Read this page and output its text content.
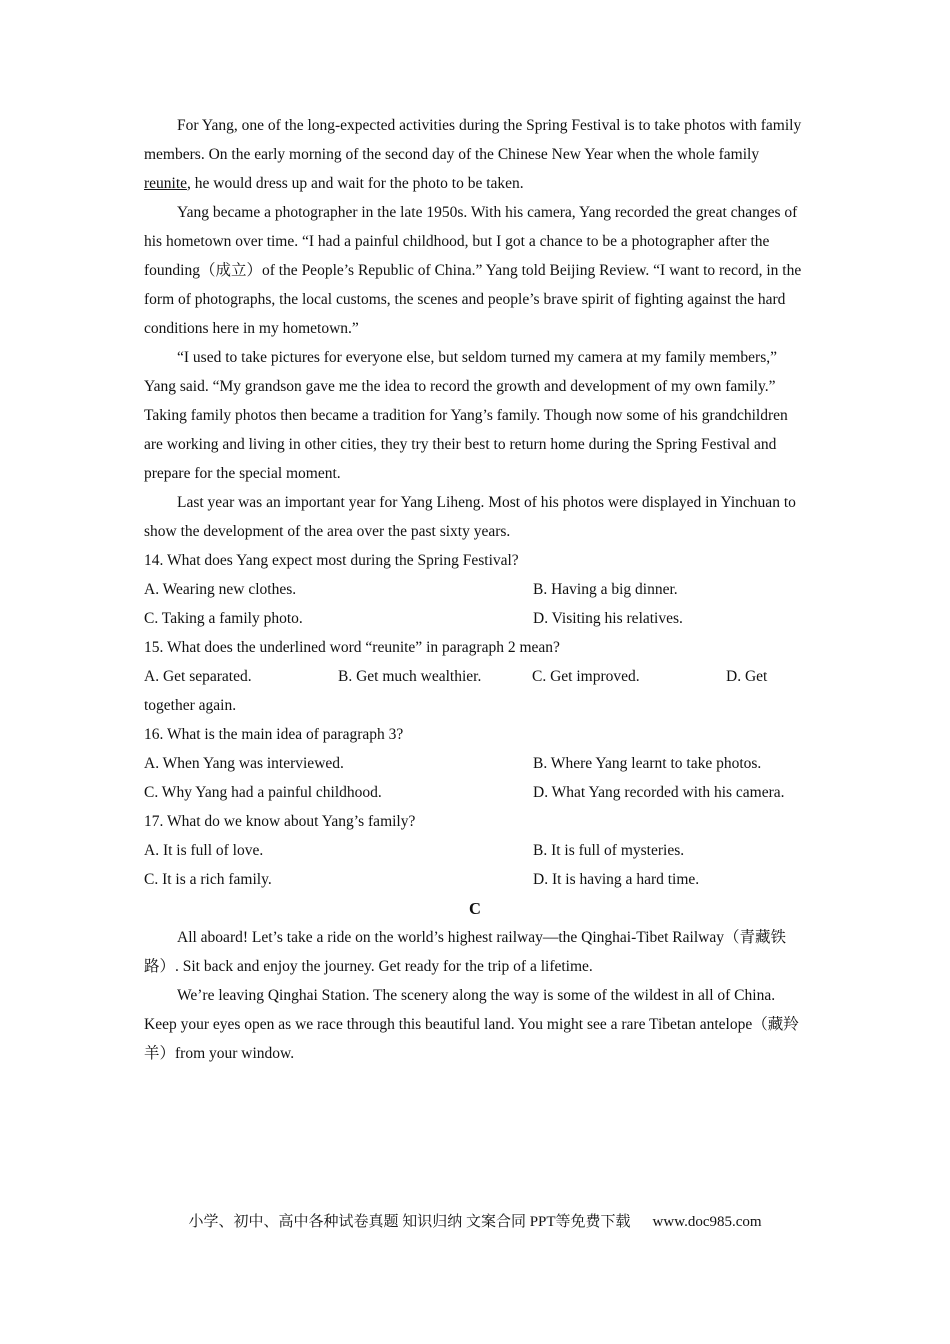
For Yang, one of the long-expected activities during the Spring Festival is to take photos with family members. On the early morning of the second day of the Chinese New Year when the whole family reunite, he would dress up and wait for the photo to be taken.

Yang became a photographer in the late 1950s. With his camera, Yang recorded the great changes of his hometown over time. “I had a painful childhood, but I got a chance to be a photographer after the founding（成立）of the People’s Republic of China.” Yang told Beijing Review. “I want to record, in the form of photographs, the local customs, the scenes and people’s brave spirit of fighting against the hard conditions here in my hometown.”

“I used to take pictures for everyone else, but seldom turned my camera at my family members,” Yang said. “My grandson gave me the idea to record the growth and development of my own family.” Taking family photos then became a tradition for Yang’s family. Though now some of his grandchildren are working and living in other cities, they try their best to return home during the Spring Festival and prepare for the special moment.

Last year was an important year for Yang Liheng. Most of his photos were displayed in Yinchuan to show the development of the area over the past sixty years.

14. What does Yang expect most during the Spring Festival?

A. Wearing new clothes.	B. Having a big dinner.
C. Taking a family photo.	D. Visiting his relatives.

15. What does the underlined word “reunite” in paragraph 2 mean?

A. Get separated.	B. Get much wealthier.	C. Get improved.	D. Get

together again.

16. What is the main idea of paragraph 3?

A. When Yang was interviewed.	B. Where Yang learnt to take photos.
C. Why Yang had a painful childhood.	D. What Yang recorded with his camera.

17. What do we know about Yang’s family?

A. It is full of love.	B. It is full of mysteries.
C. It is a rich family.	D. It is having a hard time.

C

All aboard! Let’s take a ride on the world’s highest railway—the Qinghai-Tibet Railway（青藏铁路）. Sit back and enjoy the journey. Get ready for the trip of a lifetime.

We’re leaving Qinghai Station. The scenery along the way is some of the wildest in all of China. Keep your eyes open as we race through this beautiful land. You might see a rare Tibetan antelope（藏羚羊）from your window.

小学、初中、高中各种试卷真题 知识归纳 文案合同 PPT等免费下载 www.doc985.com
